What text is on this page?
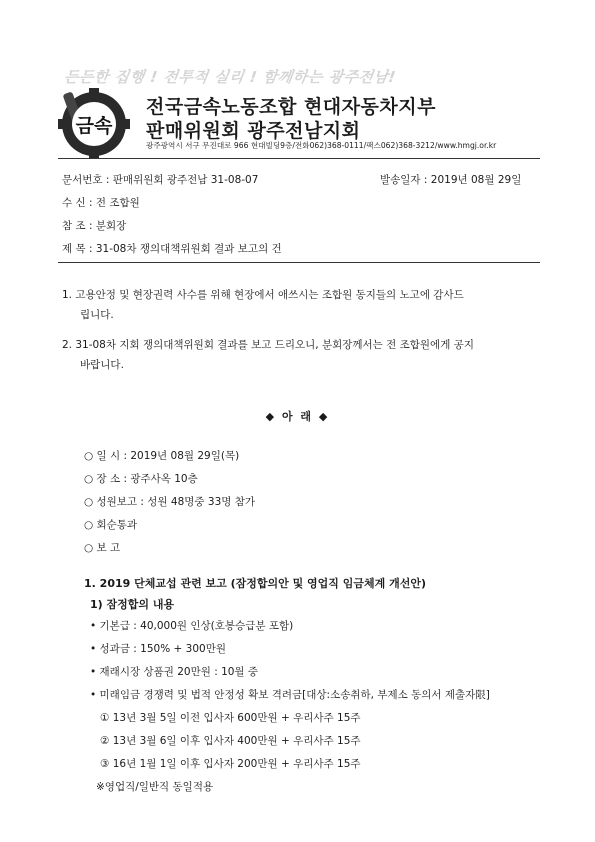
든든한 집행 ! 전투적 실리 ! 함께하는 광주전남!
금속
전국금속노동조합 현대자동차지부
판매위원회 광주전남지회
광주광역시 서구 무진대로 966 현대빌딩9층/전화062)368-0111/팩스062)368-3212/www.hmgj.or.kr
문서번호 : 판매위원회 광주전남 31-08-07	발송일자 : 2019년 08월 29일
수 신 : 전 조합원
참 조 : 분회장
제 목 : 31-08차 쟁의대책위원회 결과 보고의 건
1. 고용안정 및 현장권력 사수를 위해 현장에서 애쓰시는 조합원 동지들의 노고에 감사드
립니다.
2. 31-08차 지회 쟁의대책위원회 결과를 보고 드리오니, 분회장께서는 전 조합원에게 공지
바랍니다.
◆ 아 래 ◆
○ 일 시 : 2019년 08월 29일(목)
○ 장 소 : 광주사옥 10층
○ 성원보고 : 성원 48명중 33명 참가
○ 회순통과
○ 보 고
1. 2019 단체교섭 관련 보고 (잠정합의안 및 영업직 임금체계 개선안)
1) 잠정합의 내용
• 기본급 : 40,000원 인상(호봉승급분 포함)
• 성과금 : 150% + 300만원
• 재래시장 상품권 20만원 : 10월 중
• 미래임금 경쟁력 및 법적 안정성 확보 격려금[대상:소송취하, 부제소 동의서 제출자限]
① 13년 3월 5일 이전 입사자 600만원 + 우리사주 15주
② 13년 3월 6일 이후 입사자 400만원 + 우리사주 15주
③ 16년 1월 1일 이후 입사자 200만원 + 우리사주 15주
※영업직/일반직 동일적용
